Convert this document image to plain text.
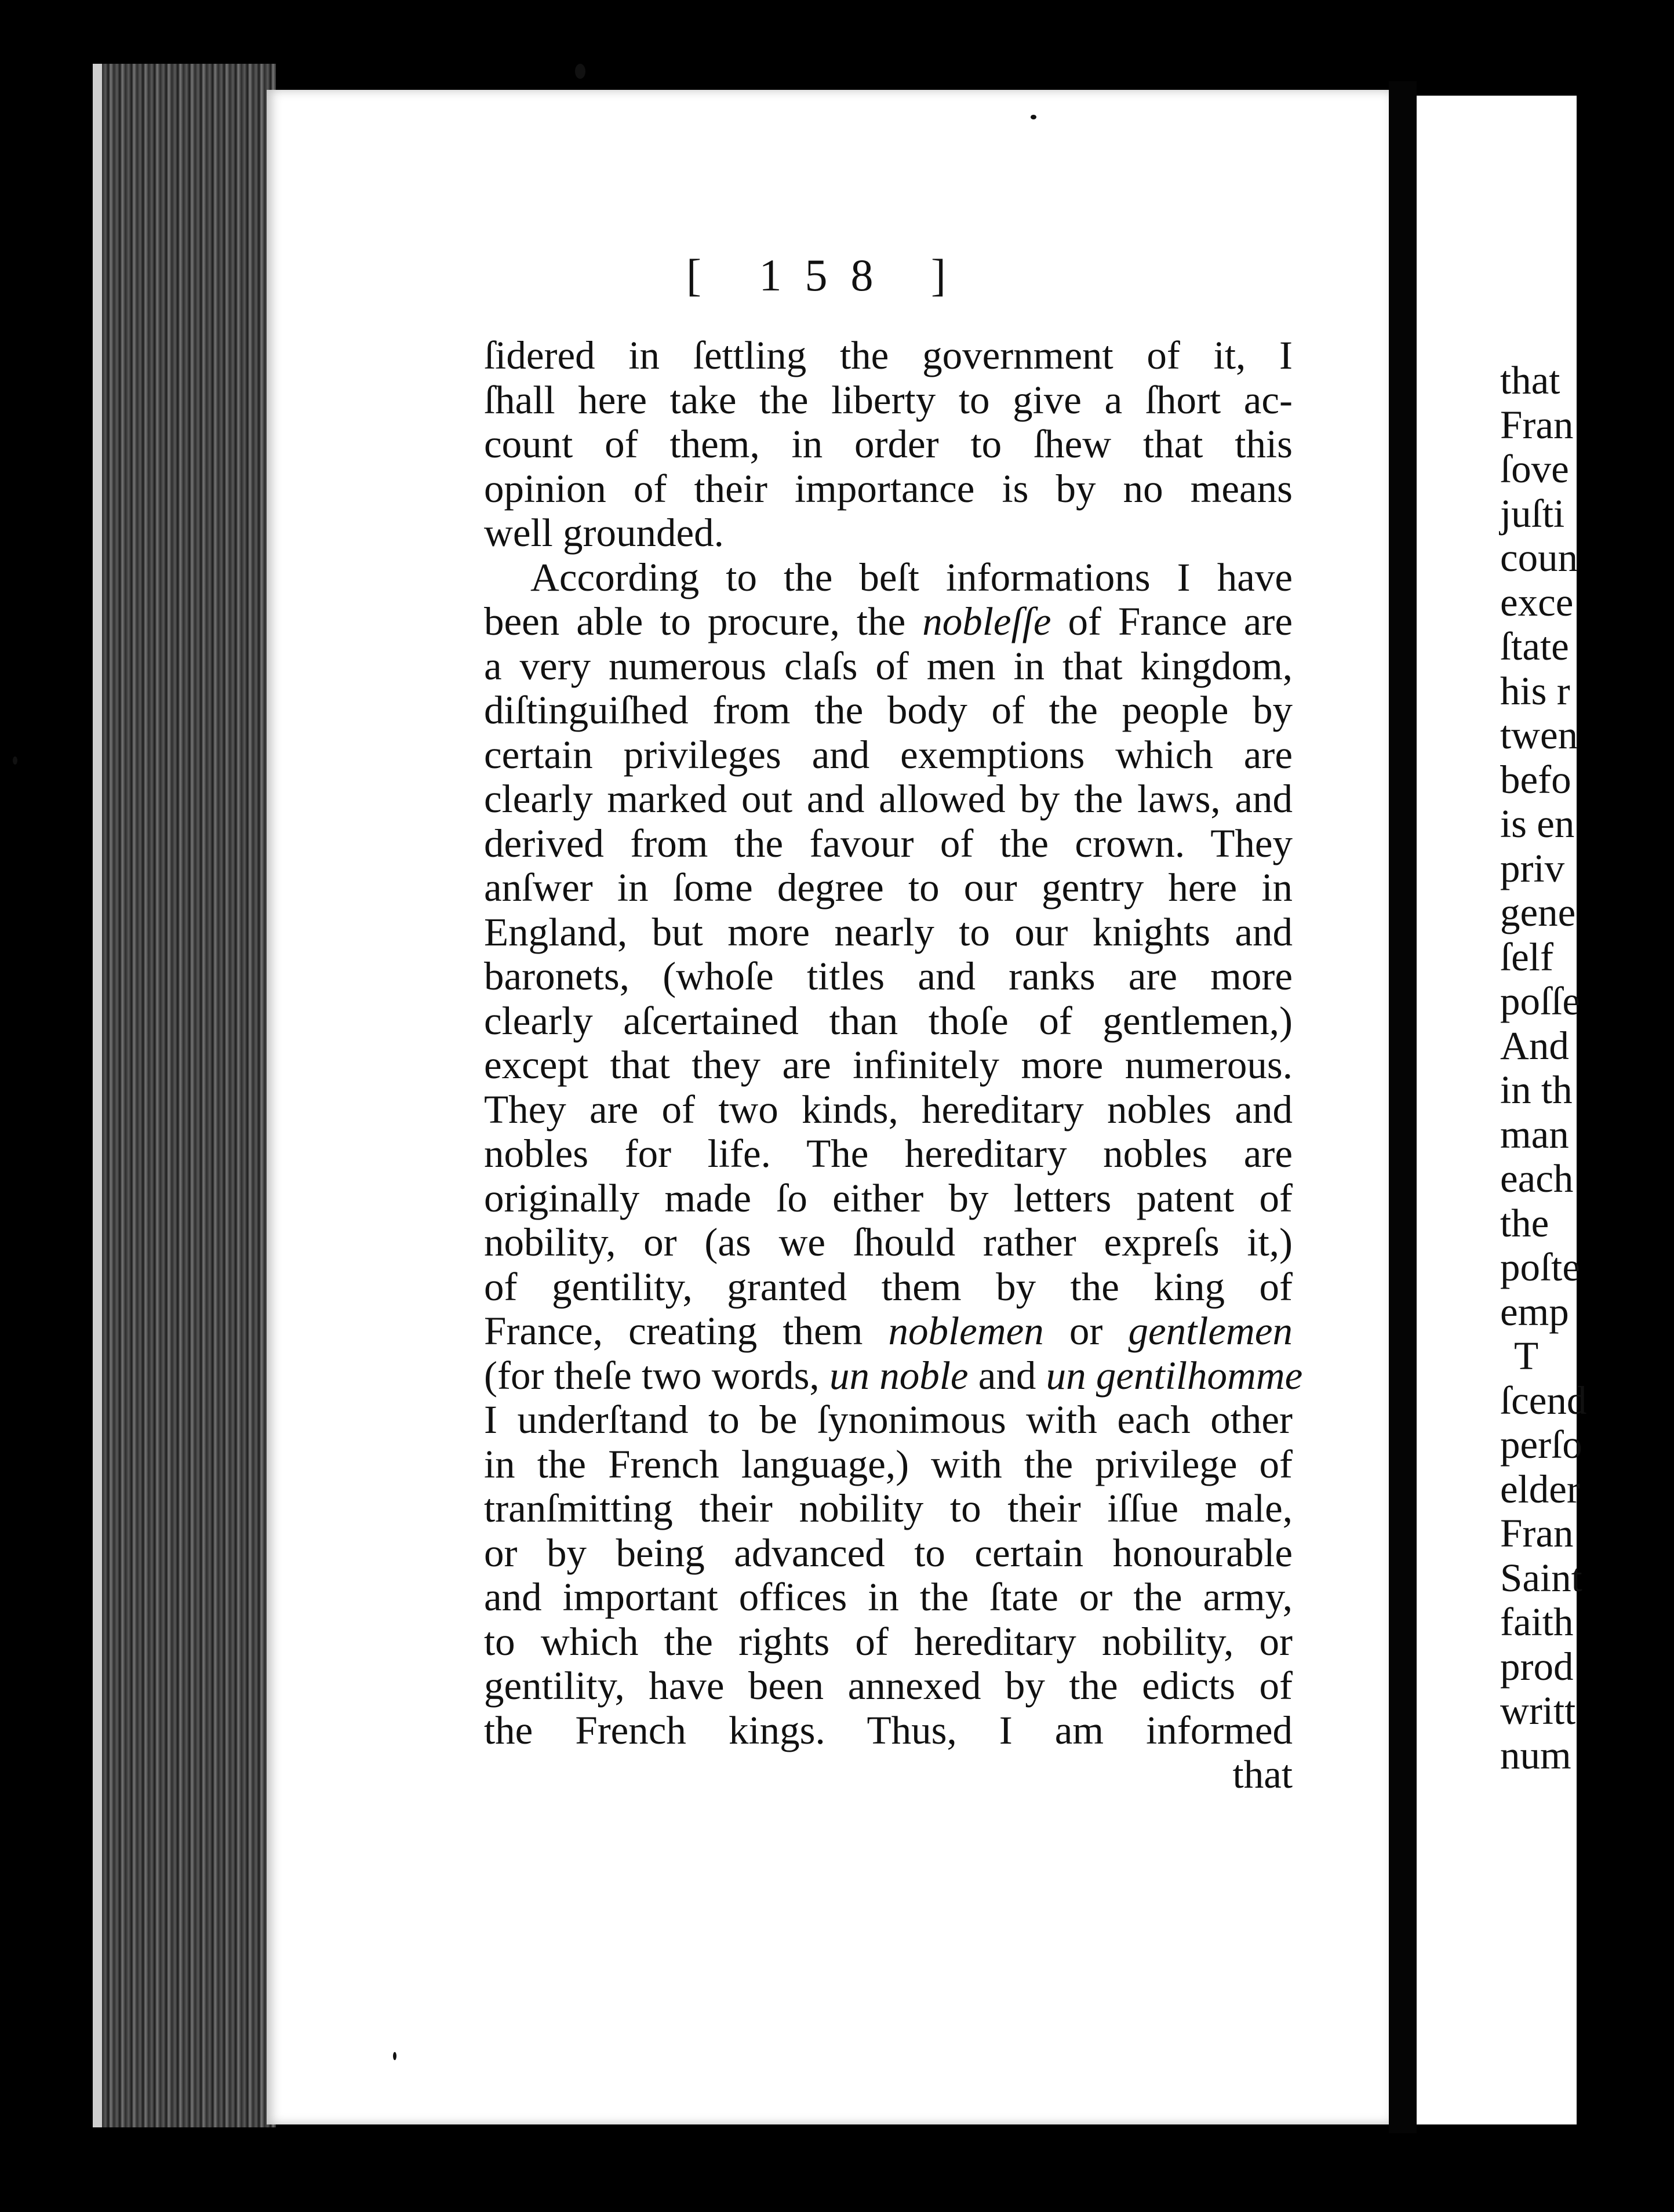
[ 158 ]
ſidered in ſettling the government of it, I
ſhall here take the liberty to give a ſhort ac-
count of them, in order to ſhew that this
opinion of their importance is by no means
well grounded.
According to the beſt informations I have
been able to procure, the nobleſſe of France are
a very numerous claſs of men in that kingdom,
diſtinguiſhed from the body of the people by
certain privileges and exemptions which are
clearly marked out and allowed by the laws, and
derived from the favour of the crown. They
anſwer in ſome degree to our gentry here in
England, but more nearly to our knights and
baronets, (whoſe titles and ranks are more
clearly aſcertained than thoſe of gentlemen,)
except that they are infinitely more numerous.
They are of two kinds, hereditary nobles and
nobles for life. The hereditary nobles are
originally made ſo either by letters patent of
nobility, or (as we ſhould rather expreſs it,)
of gentility, granted them by the king of
France, creating them noblemen or gentlemen
(for theſe two words, un noble and un gentilhomme
I underſtand to be ſynonimous with each other
in the French language,) with the privilege of
tranſmitting their nobility to their iſſue male,
or by being advanced to certain honourable
and important offices in the ſtate or the army,
to which the rights of hereditary nobility, or
gentility, have been annexed by the edicts of
the French kings. Thus, I am informed
that
that
Fran
ſove
juſti
coun
exce
ſtate
his r
twen
befo
is en
priv
gene
ſelf
poſſe
And
in th
man
each
the
poſte
emp
T
ſcend
perſo
elder
Fran
Saint
faith
prod
writt
num
